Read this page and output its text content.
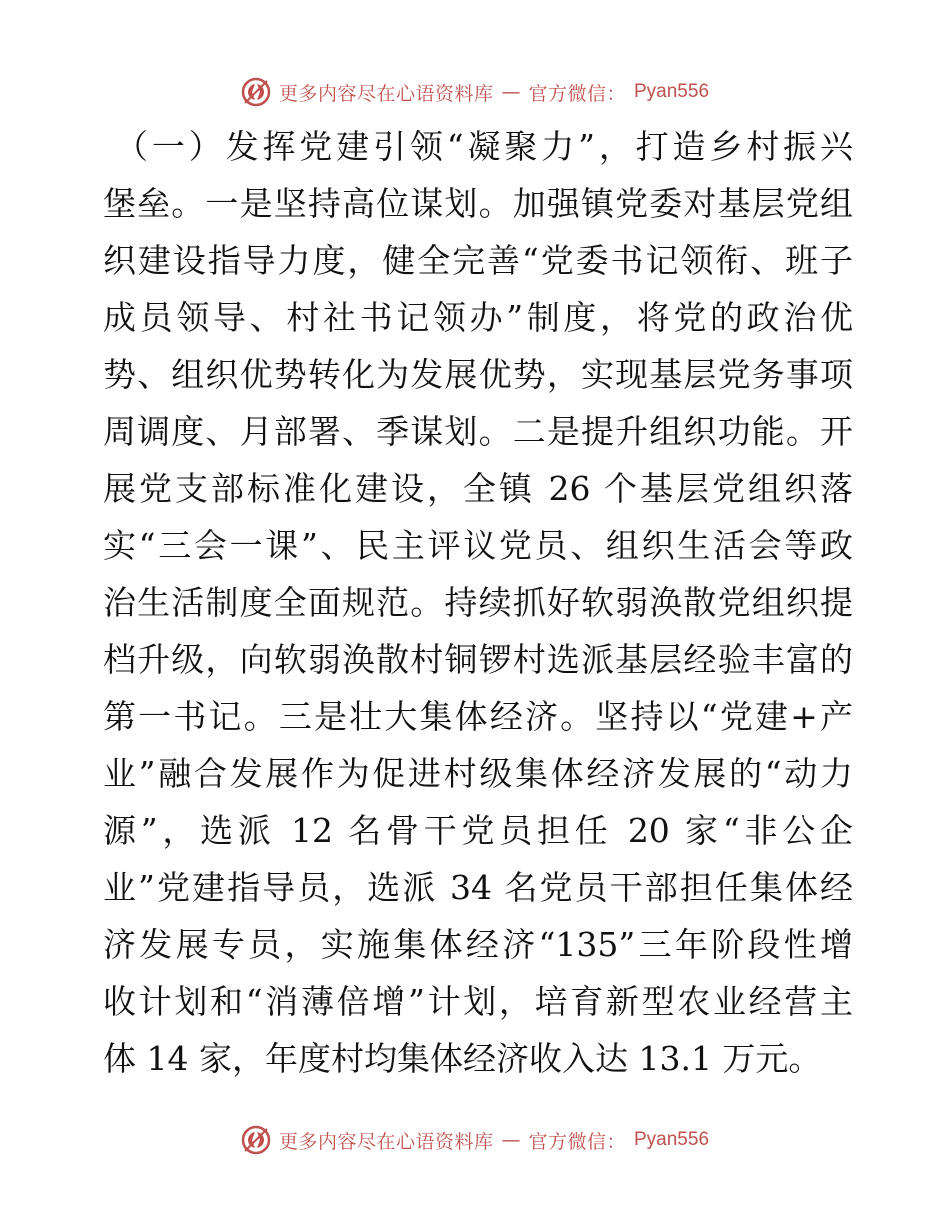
更多内容尽在心语资料库 — 官方微信： Pyan556
（一）发挥党建引领“凝聚力”，打造乡村振兴
堡垒。一是坚持高位谋划。加强镇党委对基层党组
织建设指导力度，健全完善“党委书记领衔、班子
成员领导、村社书记领办”制度，将党的政治优
势、组织优势转化为发展优势，实现基层党务事项
周调度、月部署、季谋划。二是提升组织功能。开
展党支部标准化建设，全镇 26 个基层党组织落
实“三会一课”、民主评议党员、组织生活会等政
治生活制度全面规范。持续抓好软弱涣散党组织提
档升级，向软弱涣散村铜锣村选派基层经验丰富的
第一书记。三是壮大集体经济。坚持以“党建+产
业”融合发展作为促进村级集体经济发展的“动力
源”，选派 12 名骨干党员担任 20 家“非公企
业”党建指导员，选派 34 名党员干部担任集体经
济发展专员，实施集体经济“135”三年阶段性增
收计划和“消薄倍增”计划，培育新型农业经营主
体 14 家，年度村均集体经济收入达 13.1 万元。
更多内容尽在心语资料库 — 官方微信： Pyan556
